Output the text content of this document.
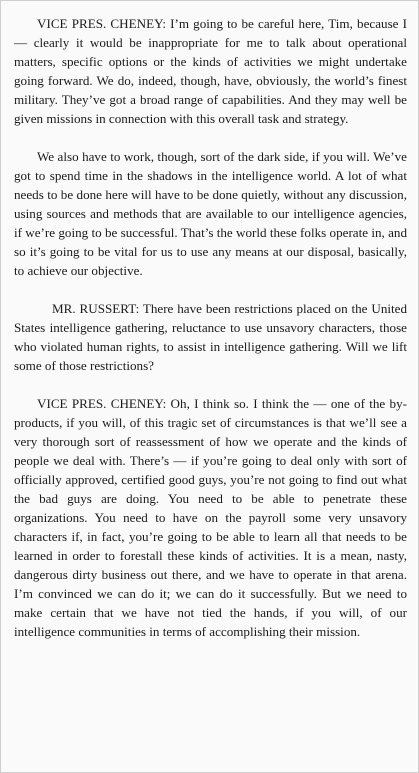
VICE PRES. CHENEY: I’m going to be careful here, Tim, because I — clearly it would be inappropriate for me to talk about operational matters, specific options or the kinds of activities we might undertake going forward. We do, indeed, though, have, obviously, the world’s finest military. They’ve got a broad range of capabilities. And they may well be given missions in connection with this overall task and strategy.

We also have to work, though, sort of the dark side, if you will. We’ve got to spend time in the shadows in the intelligence world. A lot of what needs to be done here will have to be done quietly, without any discussion, using sources and methods that are available to our intelligence agencies, if we’re going to be successful. That’s the world these folks operate in, and so it’s going to be vital for us to use any means at our disposal, basically, to achieve our objective.

MR. RUSSERT: There have been restrictions placed on the United States intelligence gathering, reluctance to use unsavory characters, those who violated human rights, to assist in intelligence gathering. Will we lift some of those restrictions?

VICE PRES. CHENEY: Oh, I think so. I think the — one of the by-products, if you will, of this tragic set of circumstances is that we’ll see a very thorough sort of reassessment of how we operate and the kinds of people we deal with. There’s — if you’re going to deal only with sort of officially approved, certified good guys, you’re not going to find out what the bad guys are doing. You need to be able to penetrate these organizations. You need to have on the payroll some very unsavory characters if, in fact, you’re going to be able to learn all that needs to be learned in order to forestall these kinds of activities. It is a mean, nasty, dangerous dirty business out there, and we have to operate in that arena. I’m convinced we can do it; we can do it successfully. But we need to make certain that we have not tied the hands, if you will, of our intelligence communities in terms of accomplishing their mission.
